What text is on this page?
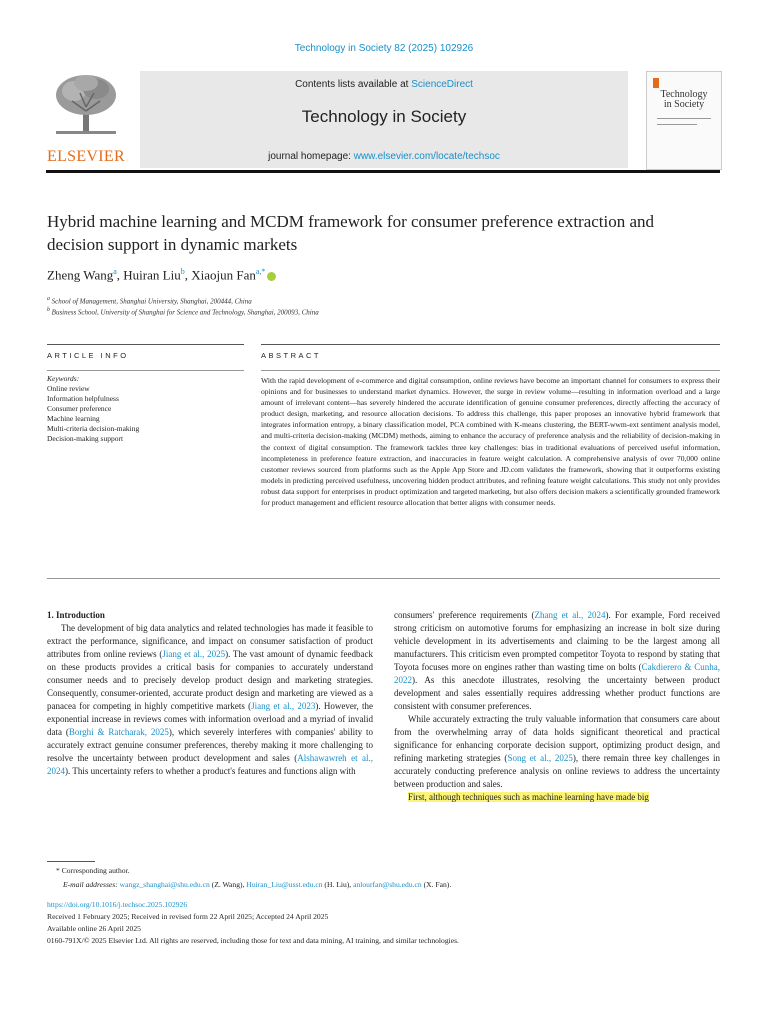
Technology in Society 82 (2025) 102926
ELSEVIER
Contents lists available at ScienceDirect
Technology in Society
journal homepage: www.elsevier.com/locate/techsoc
Technology
in Society
Hybrid machine learning and MCDM framework for consumer preference extraction and decision support in dynamic markets
Zheng Wang$^a$, Huiran Liu$^b$, Xiaojun Fan$^{a,*}$
$^a$ School of Management, Shanghai University, Shanghai, 200444, China
$^b$ Business School, University of Shanghai for Science and Technology, Shanghai, 200093, China
ARTICLE INFO	ABSTRACT
Keywords:
Online review
Information helpfulness
Consumer preference
Machine learning
Multi-criteria decision-making
Decision-making support
With the rapid development of e-commerce and digital consumption, online reviews have become an important channel for consumers to express their opinions and for businesses to understand market dynamics. However, the surge in review volume—resulting in information overload and a large amount of irrelevant content—has severely hindered the accurate identification of genuine consumer preferences, directly affecting the accuracy of product design, marketing, and resource allocation decisions. To address this challenge, this paper proposes an innovative hybrid framework that integrates information entropy, a binary classification model, PCA combined with K-means clustering, the BERT-wwm-ext sentiment analysis model, and multi-criteria decision-making (MCDM) methods, aiming to enhance the accuracy of preference analysis and the reliability of decision-making in the context of digital consumption. The framework tackles three key challenges: bias in traditional evaluations of perceived useful information, incompleteness in preference feature extraction, and inaccuracies in feature weight calculation. A comprehensive analysis of over 70,000 online customer reviews sourced from platforms such as the Apple App Store and JD.com validates the framework, showing that it outperforms existing models in predicting perceived usefulness, uncovering hidden product attributes, and refining feature weight calculations. This study not only provides robust data support for enterprises in product optimization and targeted marketing, but also offers decision makers a scientifically grounded framework for product management and efficient resource allocation that better aligns with consumer needs.

1. Introduction

The development of big data analytics and related technologies has made it feasible to extract the performance, significance, and impact on consumer satisfaction of product attributes from online reviews (Jiang et al., 2025). The vast amount of dynamic feedback on these products provides a critical basis for companies to accurately understand consumer needs and to precisely develop product design and marketing strategies. Consequently, consumer-oriented, accurate product design and marketing are viewed as a panacea for competing in highly competitive markets (Jiang et al., 2023). However, the exponential increase in reviews comes with information overload and a myriad of invalid data (Borghi & Ratcharak, 2025), which severely interferes with companies' ability to accurately extract genuine consumer preferences, thereby making it more challenging to resolve the uncertainty between product development and sales (Alshawawreh et al., 2024). This uncertainty refers to whether a product's features and functions align with

consumers' preference requirements (Zhang et al., 2024). For example, Ford received strong criticism on automotive forums for emphasizing an increase in bolt size during vehicle development in its advertisements and claiming to be the largest among all manufacturers. This criticism even prompted competitor Toyota to respond by stating that Toyota focuses more on engines rather than wasting time on bolts (Cakdierero & Cunha, 2022). As this anecdote illustrates, resolving the uncertainty between product development and sales essentially requires addressing whether product functions are consistent with consumer preferences.

While accurately extracting the truly valuable information that consumers care about from the overwhelming array of data holds significant theoretical and practical significance for enhancing corporate decision support, optimizing product design, and refining marketing strategies (Song et al., 2025), there remain three key challenges in accurately conducting preference analysis on online reviews to address the uncertainty between production and sales.

First, although techniques such as machine learning have made big

* Corresponding author.
E-mail addresses: wangz_shanghai@shu.edu.cn (Z. Wang), Huiran_Liu@usst.edu.cn (H. Liu), anlourfan@shu.edu.cn (X. Fan).
https://doi.org/10.1016/j.techsoc.2025.102926
Received 1 February 2025; Received in revised form 22 April 2025; Accepted 24 April 2025
Available online 26 April 2025
0160-791X/© 2025 Elsevier Ltd. All rights are reserved, including those for text and data mining, AI training, and similar technologies.
